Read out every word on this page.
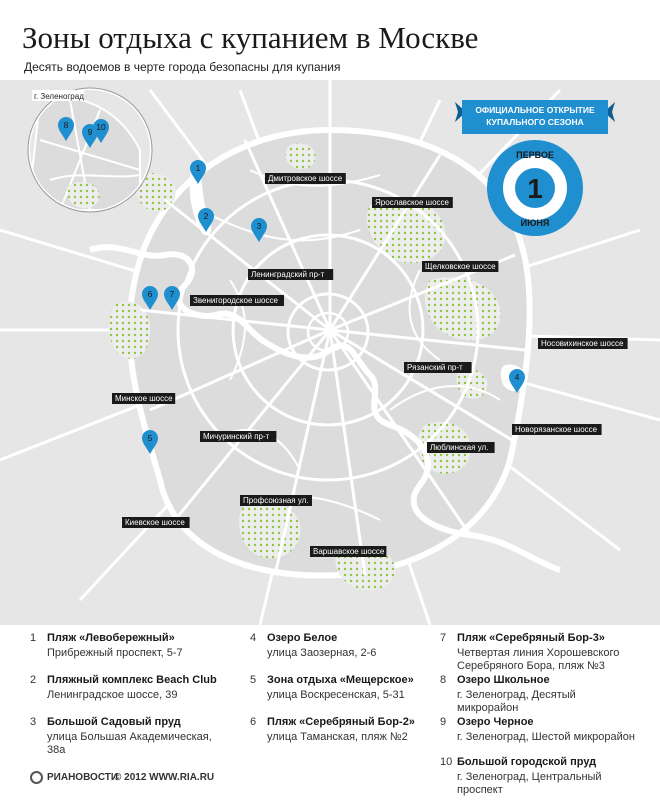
Зоны отдыха с купанием в Москве
Десять водоемов в черте города безопасны для купания
г. Зеленоград
Дмитровское шоссе
Ярославское шоссе
Щелковское шоссе
Ленинградский пр-т
Звенигородское шоссе
Носовихинское шоссе
Рязанский пр-т
Минское шоссе
Новорязанское шоссе
Мичуринский пр-т
Люблинская ул.
Профсоюзная ул.
Киевское шоссе
Варшавское шоссе
1
2
3
4
5
6 7
8
9 10
ОФИЦИАЛЬНОЕ ОТКРЫТИЕ
КУПАЛЬНОГО СЕЗОНА
ПЕРВОЕ
1
ИЮНЯ
1 Пляж «Левобережный»
Прибрежный проспект, 5-7
2 Пляжный комплекс Beach Club
Ленинградское шоссе, 39
3 Большой Садовый пруд
улица Большая Академическая, 38а
4 Озеро Белое
улица Заозерная, 2-6
5 Зона отдыха «Мещерское»
улица Воскресенская, 5-31
6 Пляж «Серебряный Бор-2»
улица Таманская, пляж №2
7 Пляж «Серебряный Бор-3»
Четвертая линия Хорошевского Серебряного Бора, пляж №3
8 Озеро Школьное
г. Зеленоград, Десятый микрорайон
9 Озеро Черное
г. Зеленоград, Шестой микрорайон
10 Большой городской пруд
г. Зеленоград, Центральный проспект
РИАНОВОСТИ
© 2012 WWW.RIA.RU
